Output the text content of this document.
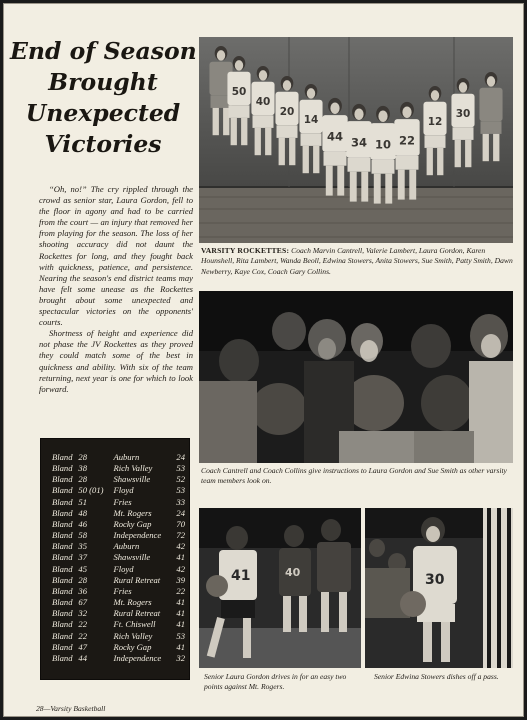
End of Season
Brought
Unexpected
Victories

“Oh, no!” The cry rippled through the crowd as senior star, Laura Gordon, fell to the floor in agony and had to be carried from the court — an injury that removed her from playing for the season. The loss of her shooting accuracy did not daunt the Rockettes for long, and they fought back with quickness, patience, and persistence. Nearing the season's end district teams may have felt some unease as the Rockettes brought about some unexpected and spectacular victories on the opponents' courts.

Shortness of height and experience did not phase the JV Rockettes as they proved they could match some of the best in quickness and ability. With six of the team returning, next year is one for which to look forward.

50
40
20
14	12
30
44 34 10 22
VARSITY ROCKETTES: Coach Marvin Cantrell, Valerie Lambert, Laura Gordon, Karen Hounshell, Rita Lambert, Wanda Beoll, Edwina Stowers, Anita Stowers, Sue Smith, Patty Smith, Dawn Newberry, Kaye Cox, Coach Gary Collins.
Coach Cantrell and Coach Collins give instructions to Laura Gordon and Sue Smith as other varsity team members look on.
41	40
Senior Laura Gordon drives in for an easy two points against Mt. Rogers.
30
Senior Edwina Stowers dishes off a pass.
Bland	28	Auburn	24
Bland	38	Rich Valley	53
Bland	28	Shawsville	52
Bland	50 (01)	Floyd	53
Bland	51	Fries	33
Bland	48	Mt. Rogers	24
Bland	46	Rocky Gap	70
Bland	58	Independence	72
Bland	35	Auburn	42
Bland	37	Shawsville	41
Bland	45	Floyd	42
Bland	28	Rural Retreat	39
Bland	36	Fries	22
Bland	67	Mt. Rogers	41
Bland	32	Rural Retreat	41
Bland	22	Ft. Chiswell	41
Bland	22	Rich Valley	53
Bland	47	Rocky Gap	41
Bland	44	Independence	32
28—Varsity Basketball
